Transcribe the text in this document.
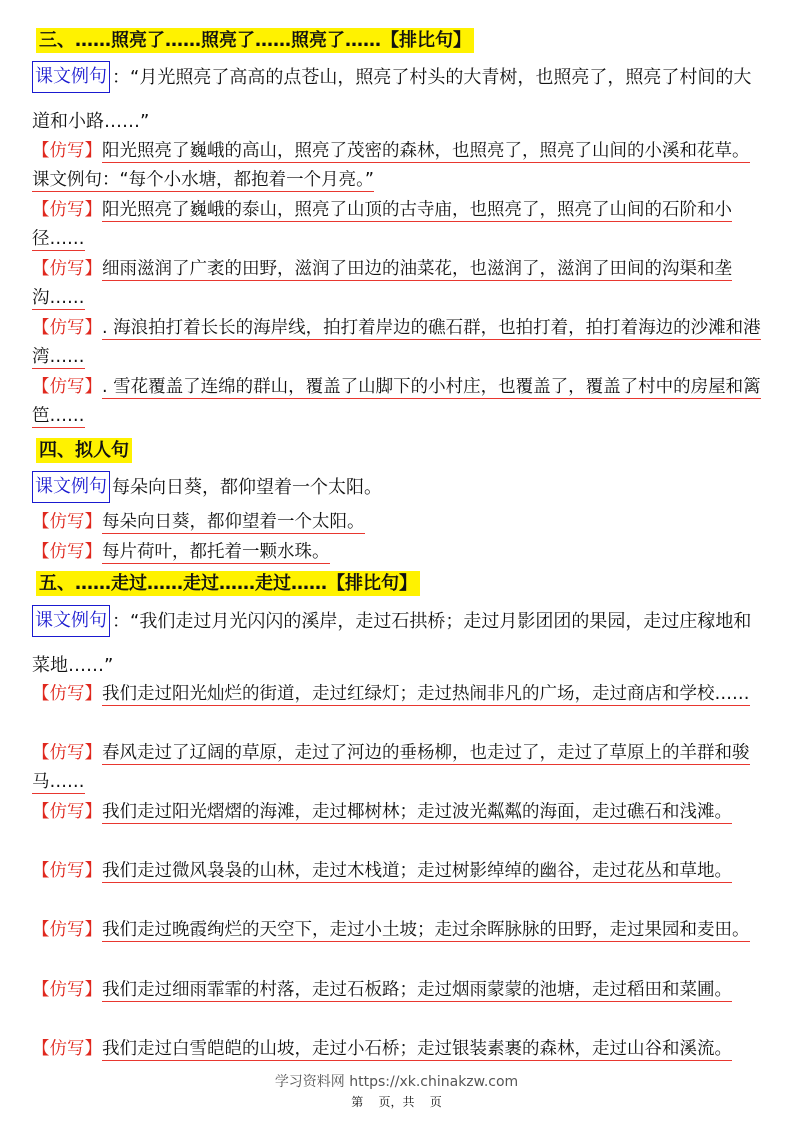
三、……照亮了……照亮了……照亮了……【排比句】
课文例句 ：“月光照亮了高高的点苍山，照亮了村头的大青树，也照亮了，照亮了村间的大道和小路……”
【仿写】阳光照亮了巍峨的高山，照亮了茂密的森林，也照亮了，照亮了山间的小溪和花草。课文例句：“每个小水塘，都抱着一个月亮。”
【仿写】阳光照亮了巍峨的泰山，照亮了山顶的古寺庙，也照亮了，照亮了山间的石阶和小径……
【仿写】细雨滋润了广袤的田野，滋润了田边的油菜花，也滋润了，滋润了田间的沟渠和垄沟……
【仿写】. 海浪拍打着长长的海岸线，拍打着岸边的礁石群，也拍打着，拍打着海边的沙滩和港湾……
【仿写】. 雪花覆盖了连绵的群山，覆盖了山脚下的小村庄，也覆盖了，覆盖了村中的房屋和篱笆……
四、拟人句
课文例句 每朵向日葵，都仰望着一个太阳。
【仿写】每朵向日葵，都仰望着一个太阳。
【仿写】每片荷叶，都托着一颗水珠。
五、……走过……走过……走过……【排比句】
课文例句 ：“我们走过月光闪闪的溪岸，走过石拱桥；走过月影团团的果园，走过庄稼地和菜地……”
【仿写】我们走过阳光灿烂的街道，走过红绿灯；走过热闹非凡的广场，走过商店和学校……
【仿写】春风走过了辽阔的草原，走过了河边的垂杨柳，也走过了，走过了草原上的羊群和骏马……
【仿写】我们走过阳光熠熠的海滩，走过椰树林；走过波光粼粼的海面，走过礁石和浅滩。
【仿写】我们走过微风袅袅的山林，走过木栈道；走过树影绰绰的幽谷，走过花丛和草地。
【仿写】我们走过晚霞绚烂的天空下，走过小土坡；走过余晖脉脉的田野，走过果园和麦田。
【仿写】我们走过细雨霏霏的村落，走过石板路；走过烟雨蒙蒙的池塘，走过稻田和菜圃。
【仿写】我们走过白雪皑皑的山坡，走过小石桥；走过银装素裹的森林，走过山谷和溪流。
学习资料网 https://xk.chinakzw.com
第    页，共    页
